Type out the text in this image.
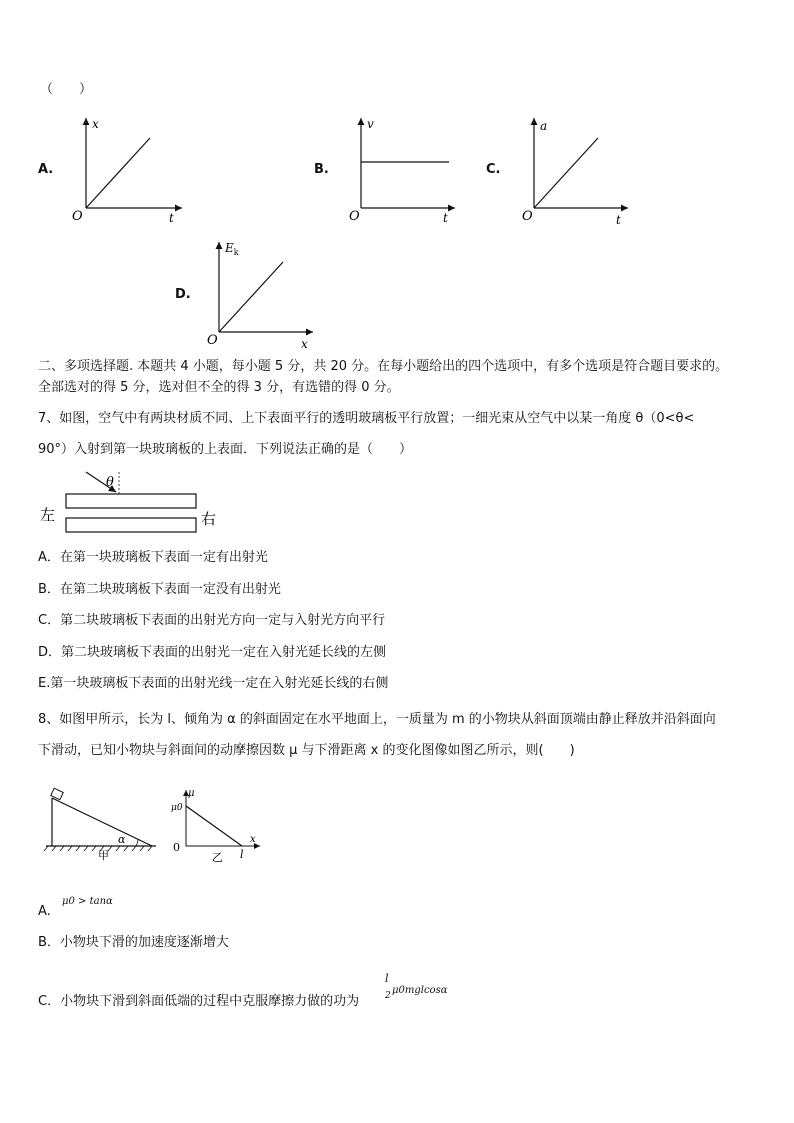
（　　）
A.
x
t
O
B.
v
t
O
C.
a
t
O
D.
$E_k$
x
O
二、多项选择题. 本题共 4 小题，每小题 5 分，共 20 分。在每小题给出的四个选项中，有多个选项是符合题目要求的。
全部选对的得 5 分，选对但不全的得 3 分，有选错的得 0 分。
7、如图，空气中有两块材质不同、上下表面平行的透明玻璃板平行放置；一细光束从空气中以某一角度 θ（0<θ<
90°）入射到第一块玻璃板的上表面．下列说法正确的是（　　）
θ
左	右
A．在第一块玻璃板下表面一定有出射光
B．在第二块玻璃板下表面一定没有出射光
C．第二块玻璃板下表面的出射光方向一定与入射光方向平行
D．第二块玻璃板下表面的出射光一定在入射光延长线的左侧
E.第一块玻璃板下表面的出射光线一定在入射光延长线的右侧
8、如图甲所示，长为 l、倾角为 α 的斜面固定在水平地面上，一质量为 m 的小物块从斜面顶端由静止释放并沿斜面向
下滑动，已知小物块与斜面间的动摩擦因数 μ 与下滑距离 x 的变化图像如图乙所示，则(　　)
α
甲
μ
μ0
0
x
l
乙
A.
μ0 > tanα
B．小物块下滑的加速度逐渐增大
C．小物块下滑到斜面低端的过程中克服摩擦力做的功为
l
2 μ0mglcosα
